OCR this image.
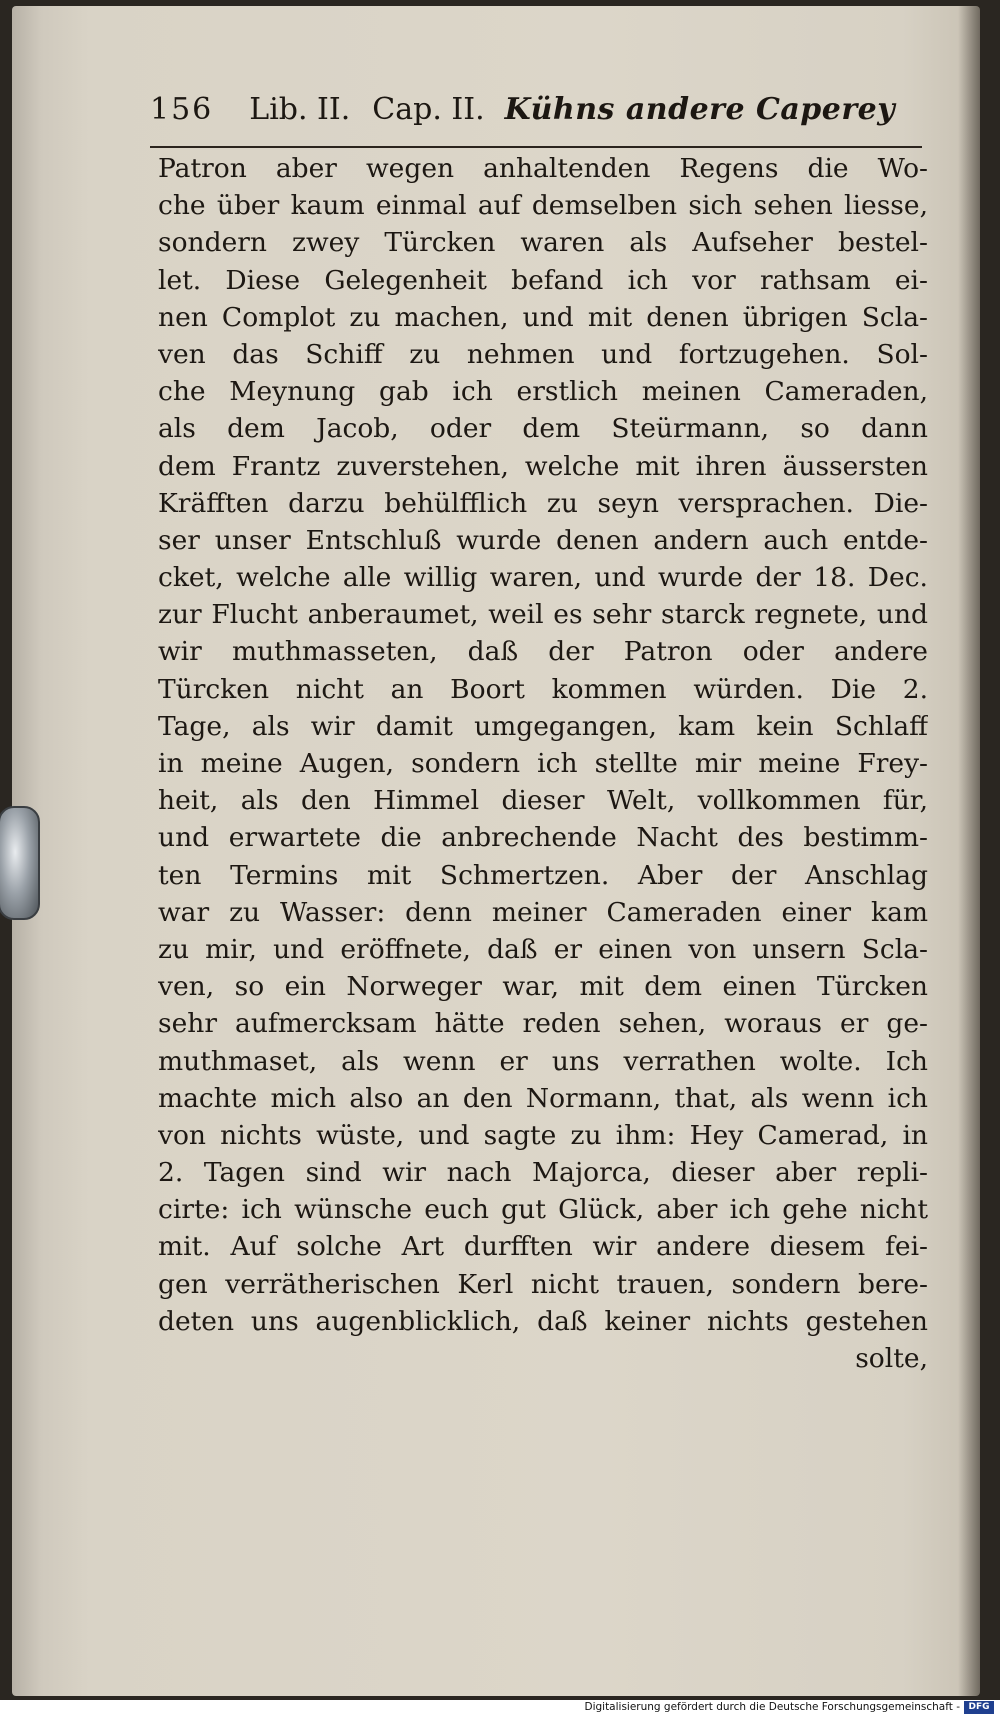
156 Lib. II. Cap. II. Kühns andere Caperey
Patron aber wegen anhaltenden Regens die Wo-
che über kaum einmal auf demselben sich sehen liesse,
sondern zwey Türcken waren als Aufseher bestel-
let. Diese Gelegenheit befand ich vor rathsam ei-
nen Complot zu machen, und mit denen übrigen Scla-
ven das Schiff zu nehmen und fortzugehen. Sol-
che Meynung gab ich erstlich meinen Cameraden,
als dem Jacob, oder dem Steürmann, so dann
dem Frantz zuverstehen, welche mit ihren äussersten
Kräfften darzu behülfflich zu seyn versprachen. Die-
ser unser Entschluß wurde denen andern auch entde-
cket, welche alle willig waren, und wurde der 18. Dec.
zur Flucht anberaumet, weil es sehr starck regnete, und
wir muthmasseten, daß der Patron oder andere
Türcken nicht an Boort kommen würden. Die 2.
Tage, als wir damit umgegangen, kam kein Schlaff
in meine Augen, sondern ich stellte mir meine Frey-
heit, als den Himmel dieser Welt, vollkommen für,
und erwartete die anbrechende Nacht des bestimm-
ten Termins mit Schmertzen. Aber der Anschlag
war zu Wasser: denn meiner Cameraden einer kam
zu mir, und eröffnete, daß er einen von unsern Scla-
ven, so ein Norweger war, mit dem einen Türcken
sehr aufmercksam hätte reden sehen, woraus er ge-
muthmaset, als wenn er uns verrathen wolte. Ich
machte mich also an den Normann, that, als wenn ich
von nichts wüste, und sagte zu ihm: Hey Camerad, in
2. Tagen sind wir nach Majorca, dieser aber repli-
cirte: ich wünsche euch gut Glück, aber ich gehe nicht
mit. Auf solche Art durfften wir andere diesem fei-
gen verrätherischen Kerl nicht trauen, sondern bere-
deten uns augenblicklich, daß keiner nichts gestehen
solte,
Digitalisierung gefördert durch die Deutsche Forschungsgemeinschaft - DFG
